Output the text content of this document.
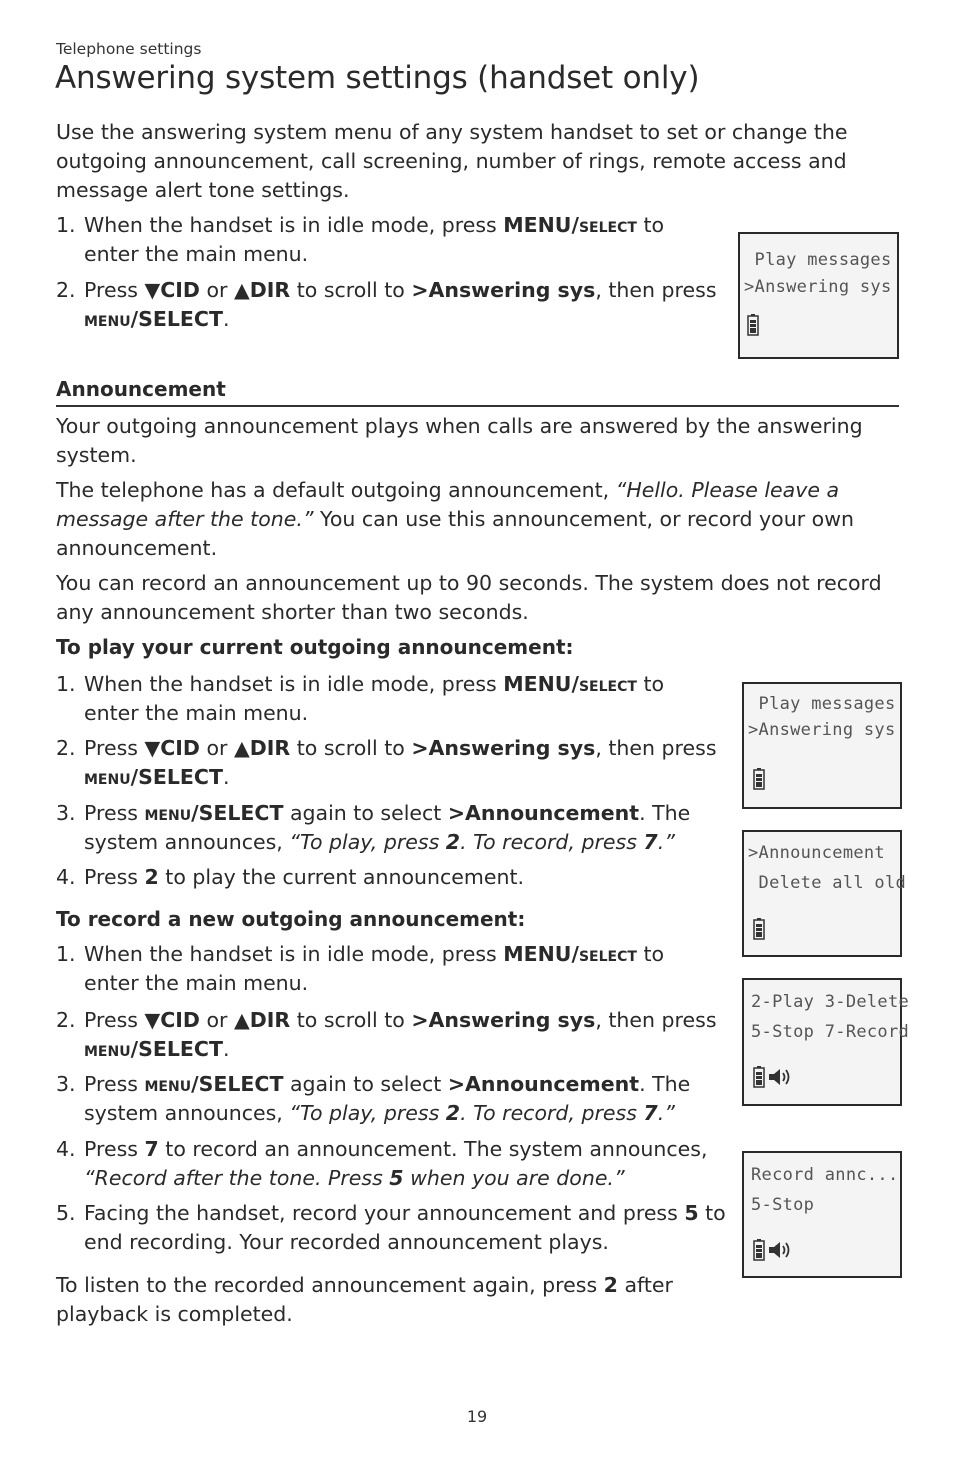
Telephone settings
Answering system settings (handset only)

Use the answering system menu of any system handset to set or change the outgoing announcement, call screening, number of rings, remote access and message alert tone settings.

1. When the handset is in idle mode, press MENU/select to enter the main menu.
2. Press ▼CID or ▲DIR to scroll to >Answering sys, then press menu/SELECT.
Play messages
>Answering sys
Announcement

Your outgoing announcement plays when calls are answered by the answering system.

The telephone has a default outgoing announcement, “Hello. Please leave a message after the tone.” You can use this announcement, or record your own announcement.

You can record an announcement up to 90 seconds. The system does not record any announcement shorter than two seconds.

To play your current outgoing announcement:
1. When the handset is in idle mode, press MENU/select to enter the main menu.
2. Press ▼CID or ▲DIR to scroll to >Answering sys, then press menu/SELECT.
3. Press menu/SELECT again to select >Announcement. The system announces, “To play, press 2. To record, press 7.”
4. Press 2 to play the current announcement.
Play messages
>Answering sys
>Announcement
Delete all old
To record a new outgoing announcement:
1. When the handset is in idle mode, press MENU/select to enter the main menu.
2. Press ▼CID or ▲DIR to scroll to >Answering sys, then press menu/SELECT.
3. Press menu/SELECT again to select >Announcement. The system announces, “To play, press 2. To record, press 7.”
4. Press 7 to record an announcement. The system announces, “Record after the tone. Press 5 when you are done.”
5. Facing the handset, record your announcement and press 5 to end recording. Your recorded announcement plays.
2-Play 3-Delete
5-Stop 7-Record
Record annc...
5-Stop

To listen to the recorded announcement again, press 2 after playback is completed.

19
